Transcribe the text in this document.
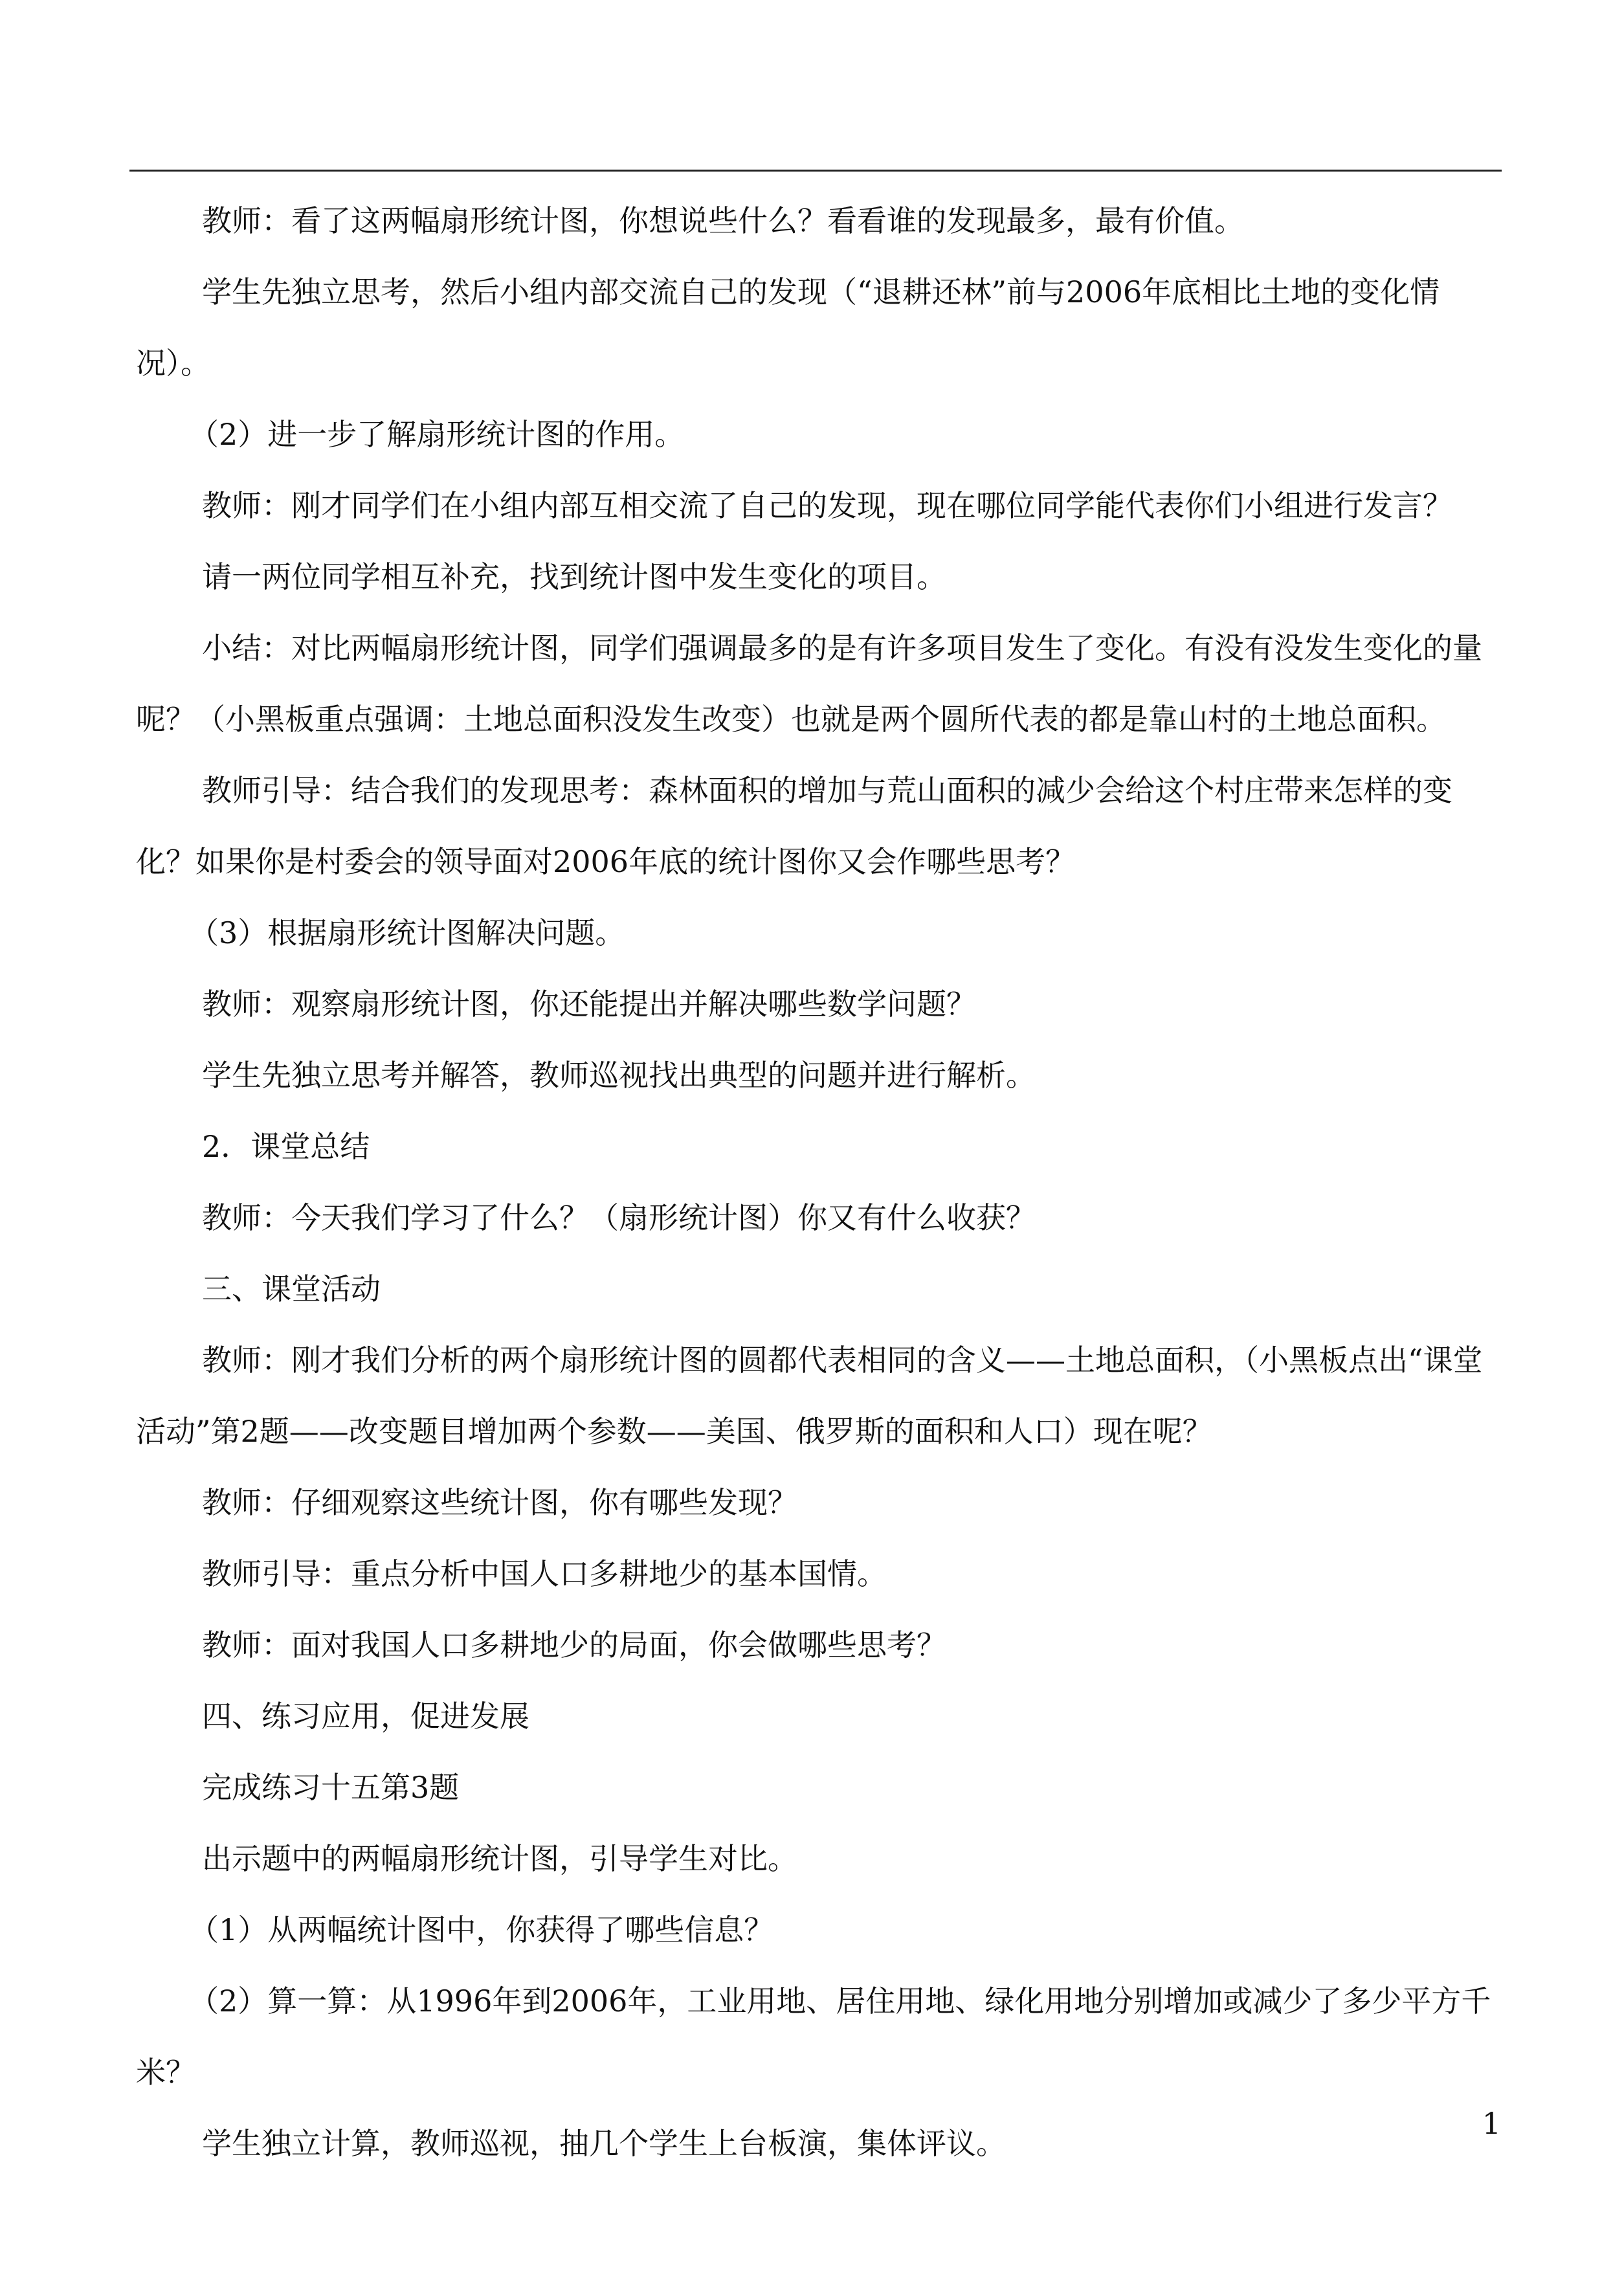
教师：看了这两幅扇形统计图，你想说些什么？看看谁的发现最多，最有价值。

学生先独立思考，然后小组内部交流自己的发现（“退耕还林”前与2006年底相比土地的变化情况）。

（2）进一步了解扇形统计图的作用。

教师：刚才同学们在小组内部互相交流了自己的发现，现在哪位同学能代表你们小组进行发言？

请一两位同学相互补充，找到统计图中发生变化的项目。

小结：对比两幅扇形统计图，同学们强调最多的是有许多项目发生了变化。有没有没发生变化的量呢？（小黑板重点强调：土地总面积没发生改变）也就是两个圆所代表的都是靠山村的土地总面积。

教师引导：结合我们的发现思考：森林面积的增加与荒山面积的减少会给这个村庄带来怎样的变化？如果你是村委会的领导面对2006年底的统计图你又会作哪些思考？

（3）根据扇形统计图解决问题。

教师：观察扇形统计图，你还能提出并解决哪些数学问题？

学生先独立思考并解答，教师巡视找出典型的问题并进行解析。

2．课堂总结

教师：今天我们学习了什么？（扇形统计图）你又有什么收获？

三、课堂活动

教师：刚才我们分析的两个扇形统计图的圆都代表相同的含义——土地总面积，（小黑板点出“课堂活动”第2题——改变题目增加两个参数——美国、俄罗斯的面积和人口）现在呢？

教师：仔细观察这些统计图，你有哪些发现？

教师引导：重点分析中国人口多耕地少的基本国情。

教师：面对我国人口多耕地少的局面，你会做哪些思考？

四、练习应用，促进发展

完成练习十五第3题

出示题中的两幅扇形统计图，引导学生对比。

（1）从两幅统计图中，你获得了哪些信息？

（2）算一算：从1996年到2006年，工业用地、居住用地、绿化用地分别增加或减少了多少平方千米？

学生独立计算，教师巡视，抽几个学生上台板演，集体评议。

1
